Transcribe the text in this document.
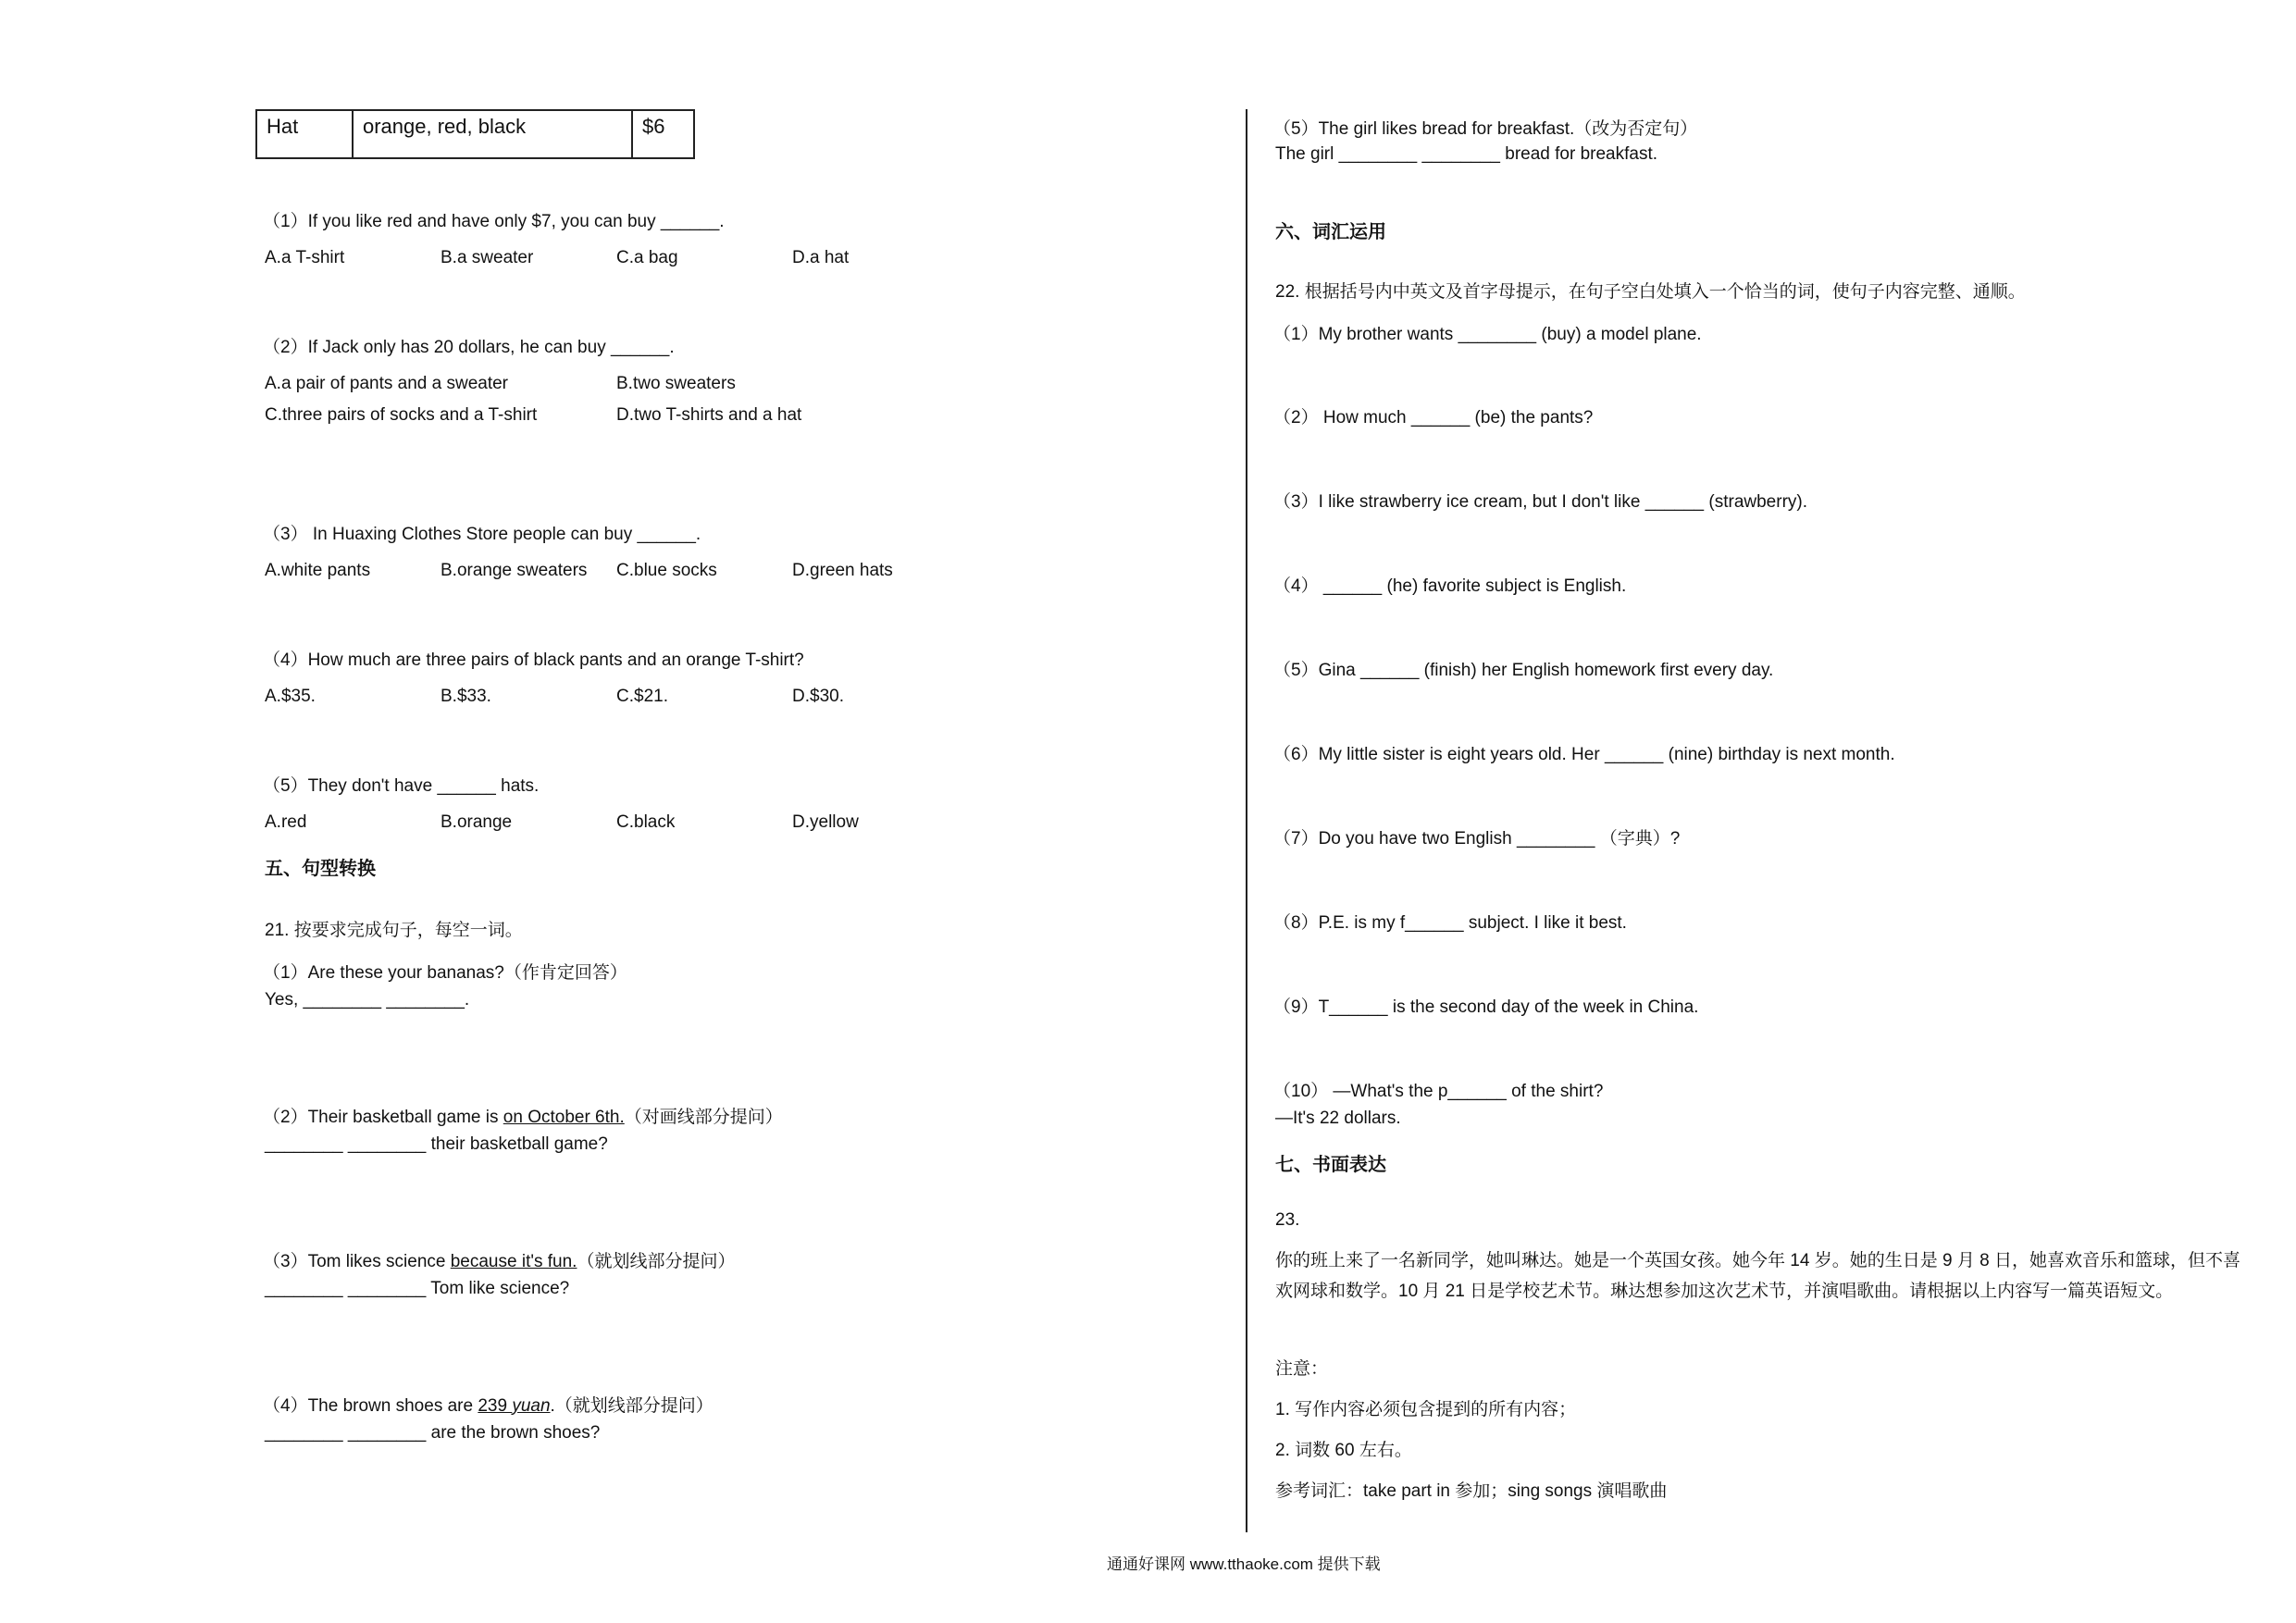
Hat	orange, red, black	$6
（1）If you like red and have only $7, you can buy ______.
A.a T-shirt	B.a sweater	C.a bag	D.a hat
（2）If Jack only has 20 dollars, he can buy ______.
A.a pair of pants and a sweater	B.two sweaters
C.three pairs of socks and a T-shirt	D.two T-shirts and a hat
（3） In Huaxing Clothes Store people can buy ______.
A.white pants	B.orange sweaters C.blue socks	D.green hats
（4）How much are three pairs of black pants and an orange T-shirt?
A.$35.	B.$33.	C.$21.	D.$30.
（5）They don't have ______ hats.
A.red	B.orange	C.black	D.yellow
五、句型转换
21. 按要求完成句子，每空一词。
（1）Are these your bananas?（作肯定回答）
Yes, ________ ________.
（2）Their basketball game is on October 6th.（对画线部分提问）
________ ________ their basketball game?
（3）Tom likes science because it's fun.（就划线部分提问）
________ ________ Tom like science?
（4）The brown shoes are 239 yuan.（就划线部分提问）
________ ________ are the brown shoes?
（5）The girl likes bread for breakfast.（改为否定句）
The girl ________ ________ bread for breakfast.
六、词汇运用
22. 根据括号内中英文及首字母提示，在句子空白处填入一个恰当的词，使句子内容完整、通顺。
（1）My brother wants ________ (buy) a model plane.
（2） How much ______ (be) the pants?
（3）I like strawberry ice cream, but I don't like ______ (strawberry).
（4） ______ (he) favorite subject is English.
（5）Gina ______ (finish) her English homework first every day.
（6）My little sister is eight years old. Her ______ (nine) birthday is next month.
（7）Do you have two English ________ （字典）?
（8）P.E. is my f______ subject. I like it best.
（9）T______ is the second day of the week in China.
（10） —What's the p______ of the shirt?
—It's 22 dollars.
七、书面表达
23.
你的班上来了一名新同学，她叫琳达。她是一个英国女孩。她今年 14 岁。她的生日是 9 月 8 日，她喜欢音乐和篮球，但不喜欢网球和数学。10 月 21 日是学校艺术节。琳达想参加这次艺术节，并演唱歌曲。请根据以上内容写一篇英语短文。
注意：
1. 写作内容必须包含提到的所有内容；
2. 词数 60 左右。
参考词汇：take part in 参加；sing songs 演唱歌曲
通通好课网 www.tthaoke.com 提供下载
